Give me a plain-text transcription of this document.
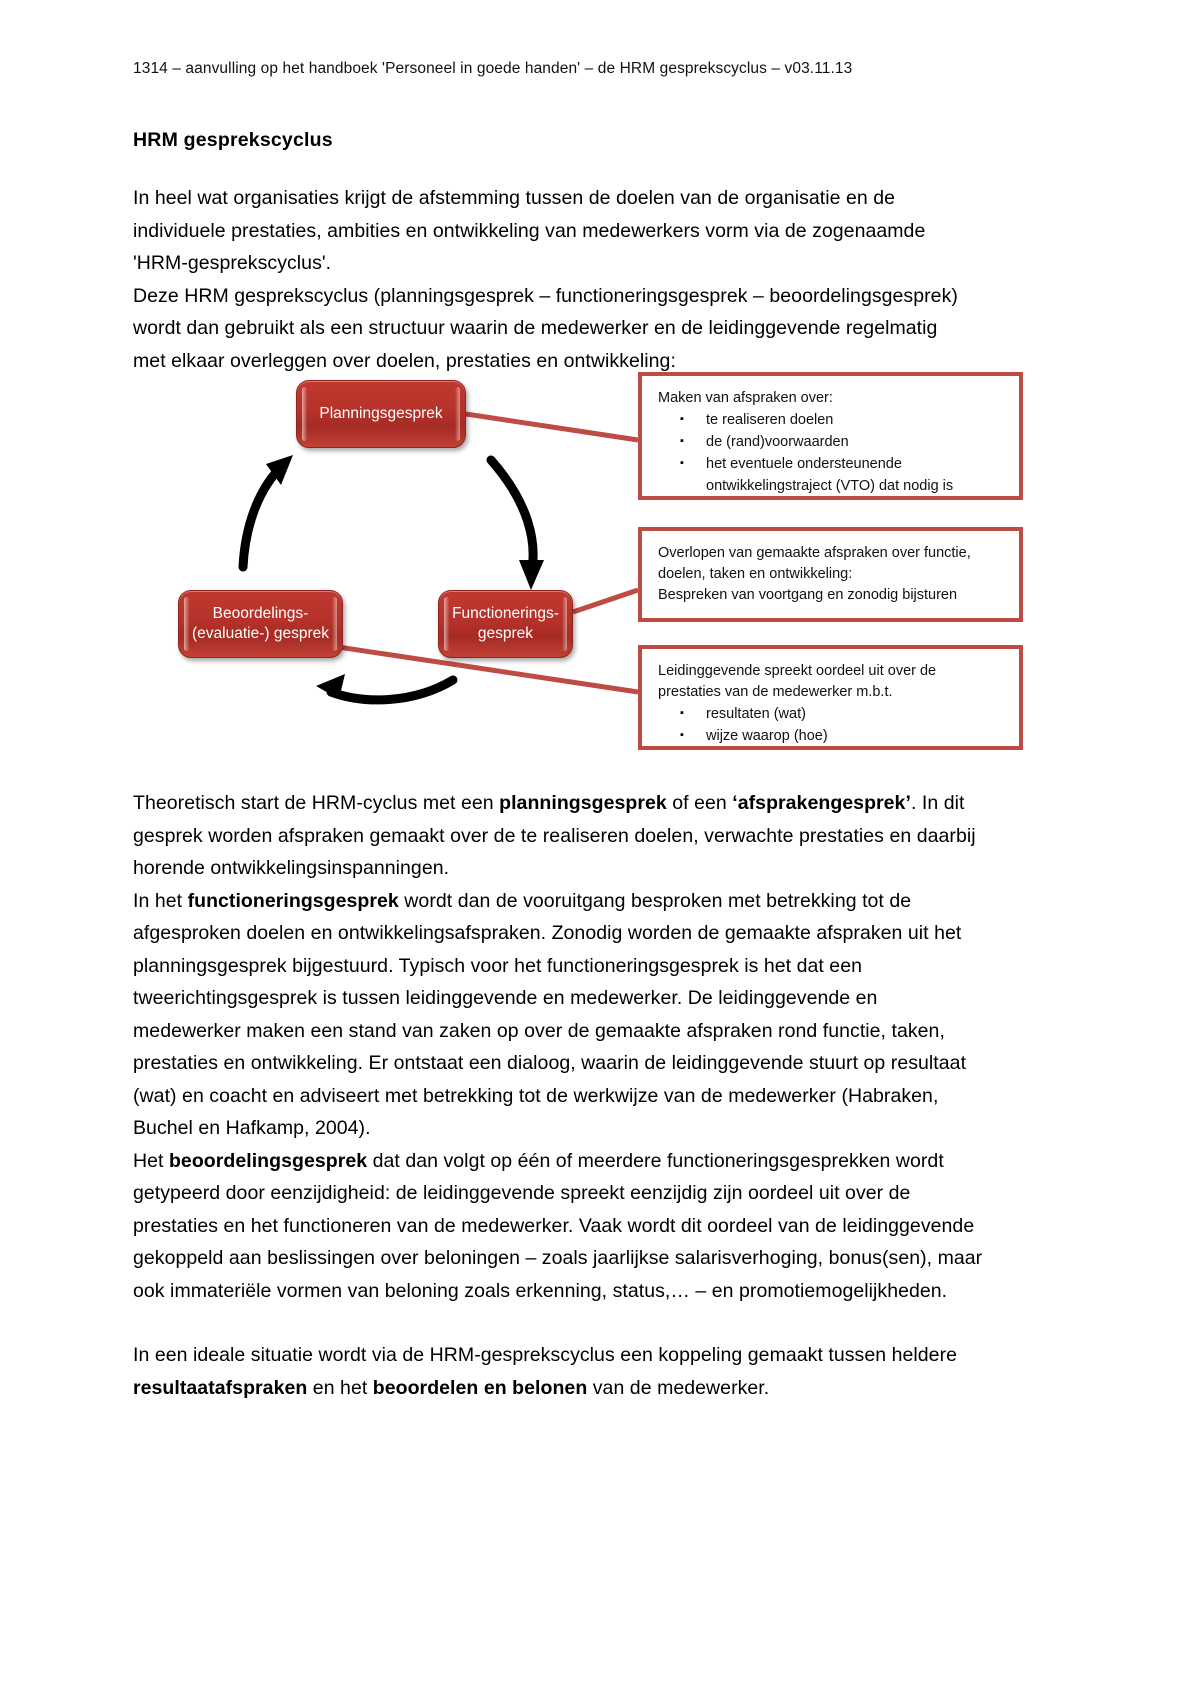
1314 – aanvulling op het handboek 'Personeel in goede handen' – de HRM gesprekscyclus – v03.11.13
HRM gesprekscyclus

In heel wat organisaties krijgt de afstemming tussen de doelen van de organisatie en de individuele prestaties, ambities en ontwikkeling van medewerkers vorm via de zogenaamde 'HRM-gesprekscyclus'.

Deze HRM gesprekscyclus (planningsgesprek – functioneringsgesprek – beoordelingsgesprek) wordt dan gebruikt als een structuur waarin de medewerker en de leidinggevende regelmatig met elkaar overleggen over doelen, prestaties en ontwikkeling:

Planningsgesprek
Functionerings-
gesprek
Beoordelings-
(evaluatie-) gesprek

Maken van afspraken over:

▪ te realiseren doelen
▪ de (rand)voorwaarden
▪ het eventuele ondersteunende
ontwikkelingstraject (VTO) dat nodig is

Overlopen van gemaakte afspraken over functie,

doelen, taken en ontwikkeling:

Bespreken van voortgang en zonodig bijsturen

Leidinggevende spreekt oordeel uit over de

prestaties van de medewerker m.b.t.

▪ resultaten (wat)
▪ wijze waarop (hoe)

Theoretisch start de HRM-cyclus met een planningsgesprek of een ‘afsprakengesprek’. In dit gesprek worden afspraken gemaakt over de te realiseren doelen, verwachte prestaties en daarbij horende ontwikkelingsinspanningen.

In het functioneringsgesprek wordt dan de vooruitgang besproken met betrekking tot de afgesproken doelen en ontwikkelingsafspraken. Zonodig worden de gemaakte afspraken uit het planningsgesprek bijgestuurd. Typisch voor het functioneringsgesprek is het dat een tweerichtingsgesprek is tussen leidinggevende en medewerker. De leidinggevende en medewerker maken een stand van zaken op over de gemaakte afspraken rond functie, taken, prestaties en ontwikkeling. Er ontstaat een dialoog, waarin de leidinggevende stuurt op resultaat (wat) en coacht en adviseert met betrekking tot de werkwijze van de medewerker (Habraken, Buchel en Hafkamp, 2004).

Het beoordelingsgesprek dat dan volgt op één of meerdere functioneringsgesprekken wordt getypeerd door eenzijdigheid: de leidinggevende spreekt eenzijdig zijn oordeel uit over de prestaties en het functioneren van de medewerker. Vaak wordt dit oordeel van de leidinggevende gekoppeld aan beslissingen over beloningen – zoals jaarlijkse salarisverhoging, bonus(sen), maar ook immateriële vormen van beloning zoals erkenning, status,… – en promotiemogelijkheden.

In een ideale situatie wordt via de HRM-gesprekscyclus een koppeling gemaakt tussen heldere resultaatafspraken en het beoordelen en belonen van de medewerker.
